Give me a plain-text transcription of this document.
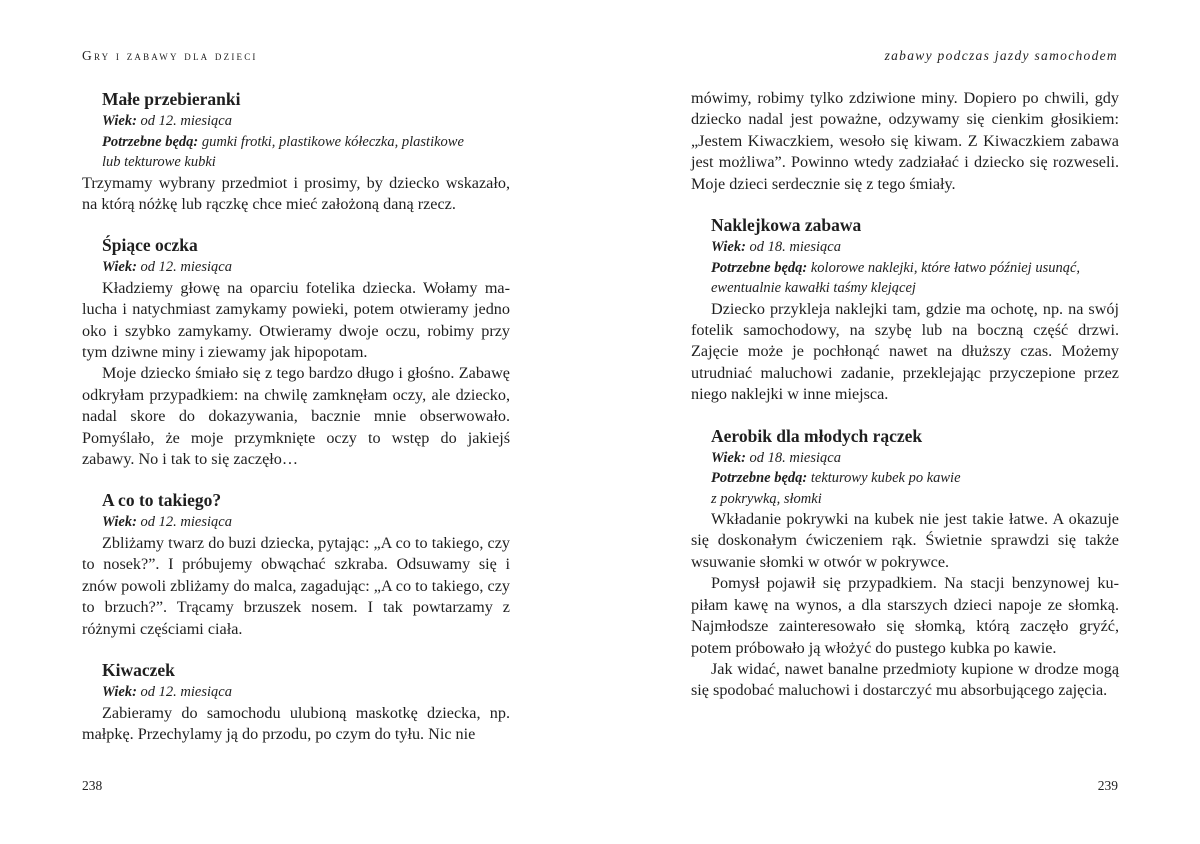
Gry i zabawy dla dzieci
Małe przebieranki

Wiek: od 12. miesiąca

Potrzebne będą: gumki frotki, plastikowe kółeczka, plastikowe

lub tekturowe kubki

Trzymamy wybrany przedmiot i prosimy, by dziecko wskazało, na którą nóżkę lub rączkę chce mieć założoną daną rzecz.

Śpiące oczka

Wiek: od 12. miesiąca

Kładziemy głowę na oparciu fotelika dziecka. Wołamy malucha i natychmiast zamykamy powieki, potem otwieramy jedno oko i szybko zamykamy. Otwieramy dwoje oczu, robimy przy tym dziwne miny i ziewamy jak hipopotam.

Moje dziecko śmiało się z tego bardzo długo i głośno. Zabawę odkryłam przypadkiem: na chwilę zamknęłam oczy, ale dziecko, nadal skore do dokazywania, bacznie mnie obserwowało. Pomyślało, że moje przymknięte oczy to wstęp do jakiejś zabawy. No i tak to się zaczęło…

A co to takiego?

Wiek: od 12. miesiąca

Zbliżamy twarz do buzi dziecka, pytając: „A co to takiego, czy to nosek?”. I próbujemy obwąchać szkraba. Odsuwamy się i znów powoli zbliżamy do malca, zagadując: „A co to takiego, czy to brzuch?”. Trącamy brzuszek nosem. I tak powtarzamy z różnymi częściami ciała.

Kiwaczek

Wiek: od 12. miesiąca

Zabieramy do samochodu ulubioną maskotkę dziecka, np. małpkę. Przechylamy ją do przodu, po czym do tyłu. Nic nie

238
zabawy podczas jazdy samochodem

mówimy, robimy tylko zdziwione miny. Dopiero po chwili, gdy dziecko nadal jest poważne, odzywamy się cienkim głosikiem: „Jestem Kiwaczkiem, wesoło się kiwam. Z Kiwaczkiem zabawa jest możliwa”. Powinno wtedy zadziałać i dziecko się rozweseli. Moje dzieci serdecznie się z tego śmiały.

Naklejkowa zabawa

Wiek: od 18. miesiąca

Potrzebne będą: kolorowe naklejki, które łatwo później usunąć,

ewentualnie kawałki taśmy klejącej

Dziecko przykleja naklejki tam, gdzie ma ochotę, np. na swój fotelik samochodowy, na szybę lub na boczną część drzwi. Zajęcie może je pochłonąć nawet na dłuższy czas. Możemy utrudniać maluchowi zadanie, przeklejając przyczepione przez niego naklejki w inne miejsca.

Aerobik dla młodych rączek

Wiek: od 18. miesiąca

Potrzebne będą: tekturowy kubek po kawie

z pokrywką, słomki

Wkładanie pokrywki na kubek nie jest takie łatwe. A okazuje się doskonałym ćwiczeniem rąk. Świetnie sprawdzi się także wsuwanie słomki w otwór w pokrywce.

Pomysł pojawił się przypadkiem. Na stacji benzynowej kupiłam kawę na wynos, a dla starszych dzieci napoje ze słomką. Najmłodsze zainteresowało się słomką, którą zaczęło gryźć, potem próbowało ją włożyć do pustego kubka po kawie.

Jak widać, nawet banalne przedmioty kupione w drodze mogą się spodobać maluchowi i dostarczyć mu absorbującego zajęcia.

239
